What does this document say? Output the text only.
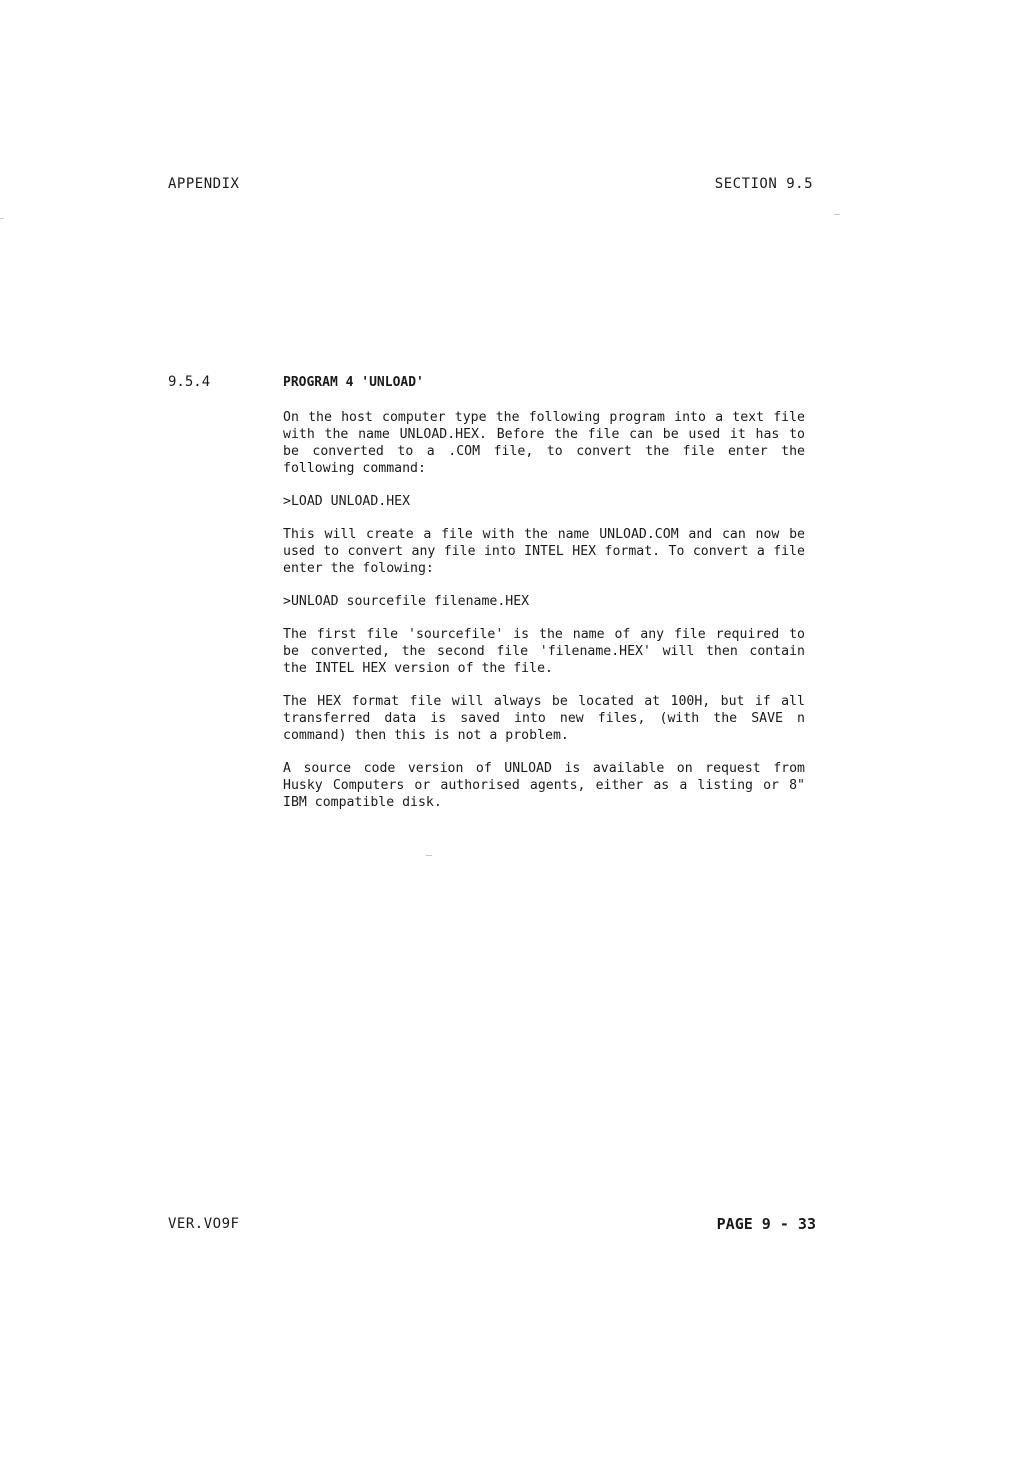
APPENDIX	SECTION 9.5
9.5.4	PROGRAM 4 'UNLOAD'

On the host computer type the following program into a text file with the name UNLOAD.HEX. Before the file can be used it has to be converted to a .COM file, to convert the file enter the following command:

>LOAD UNLOAD.HEX

This will create a file with the name UNLOAD.COM and can now be used to convert any file into INTEL HEX format. To convert a file enter the folowing:

>UNLOAD sourcefile filename.HEX

The first file 'sourcefile' is the name of any file required to be converted, the second file 'filename.HEX' will then contain the INTEL HEX version of the file.

The HEX format file will always be located at 100H, but if all transferred data is saved into new files, (with the SAVE n command) then this is not a problem.

A source code version of UNLOAD is available on request from Husky Computers or authorised agents, either as a listing or 8" IBM compatible disk.

VER.VO9F	PAGE 9 - 33
